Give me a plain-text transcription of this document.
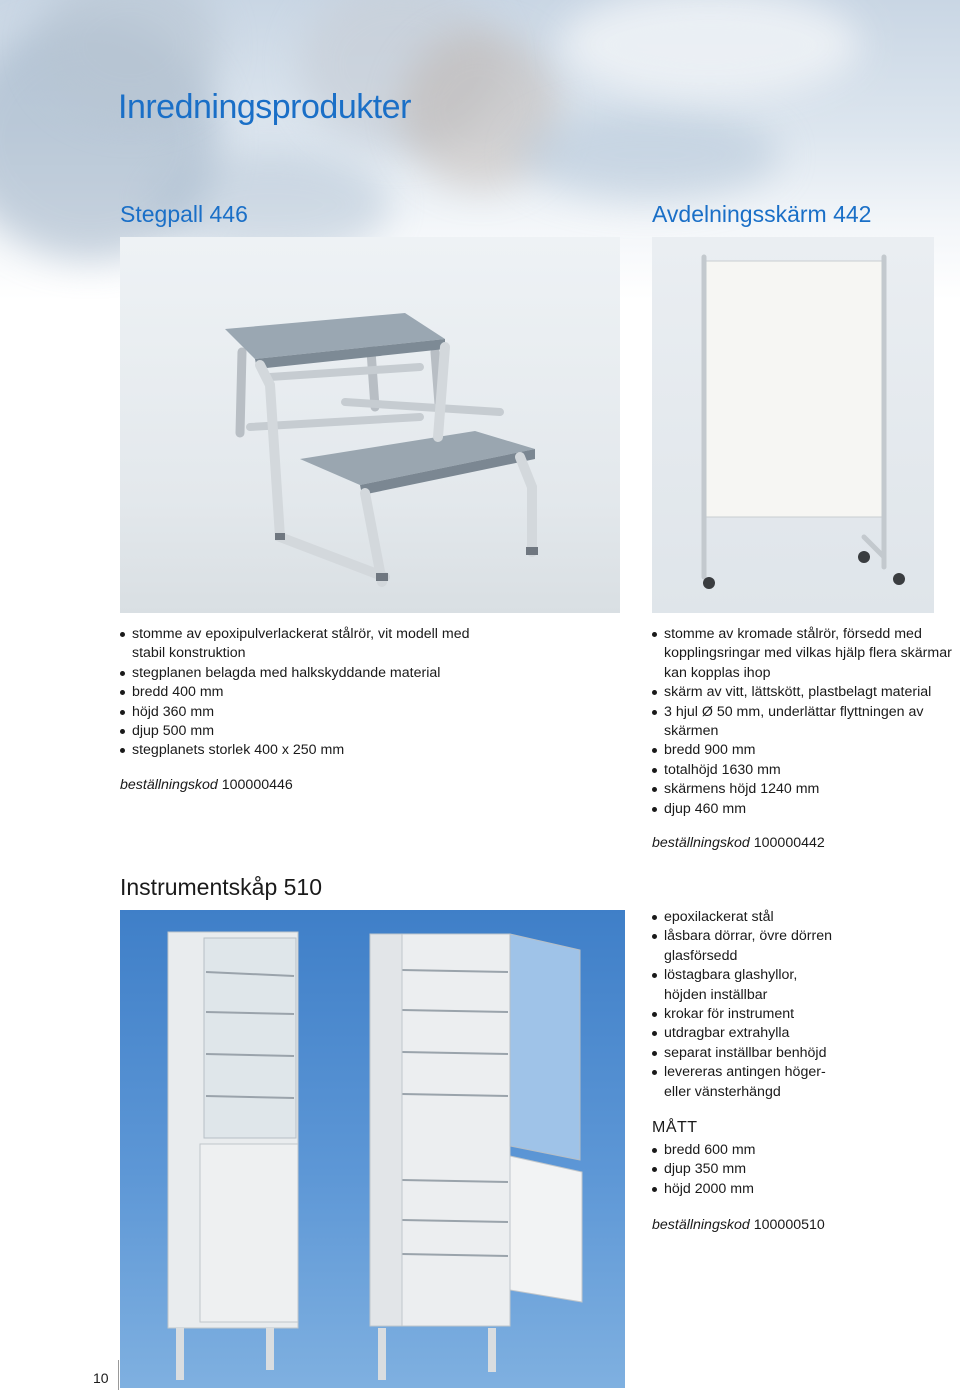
Inredningsprodukter
Stegpall 446
stomme av epoxipulverlackerat stålrör, vit modell med stabil konstruktion
stegplanen belagda med halkskyddande material
bredd 400 mm
höjd 360 mm
djup 500 mm
stegplanets storlek 400 x 250 mm

beställningskod 100000446

Avdelningsskärm 442
stomme av kromade stålrör, försedd med kopplingsringar med vilkas hjälp flera skärmar kan kopplas ihop
skärm av vitt, lättskött, plastbelagt material
3 hjul Ø 50 mm, underlättar flyttningen av skärmen
bredd 900 mm
totalhöjd 1630 mm
skärmens höjd 1240 mm
djup 460 mm

beställningskod 100000442

Instrumentskåp 510
epoxilackerat stål
låsbara dörrar, övre dörren glasförsedd
löstagbara glashyllor, höjden inställbar
krokar för instrument
utdragbar extrahylla
separat inställbar benhöjd
levereras antingen höger- eller vänsterhängd

MÅTT

bredd 600 mm
djup 350 mm
höjd 2000 mm

beställningskod 100000510

10
